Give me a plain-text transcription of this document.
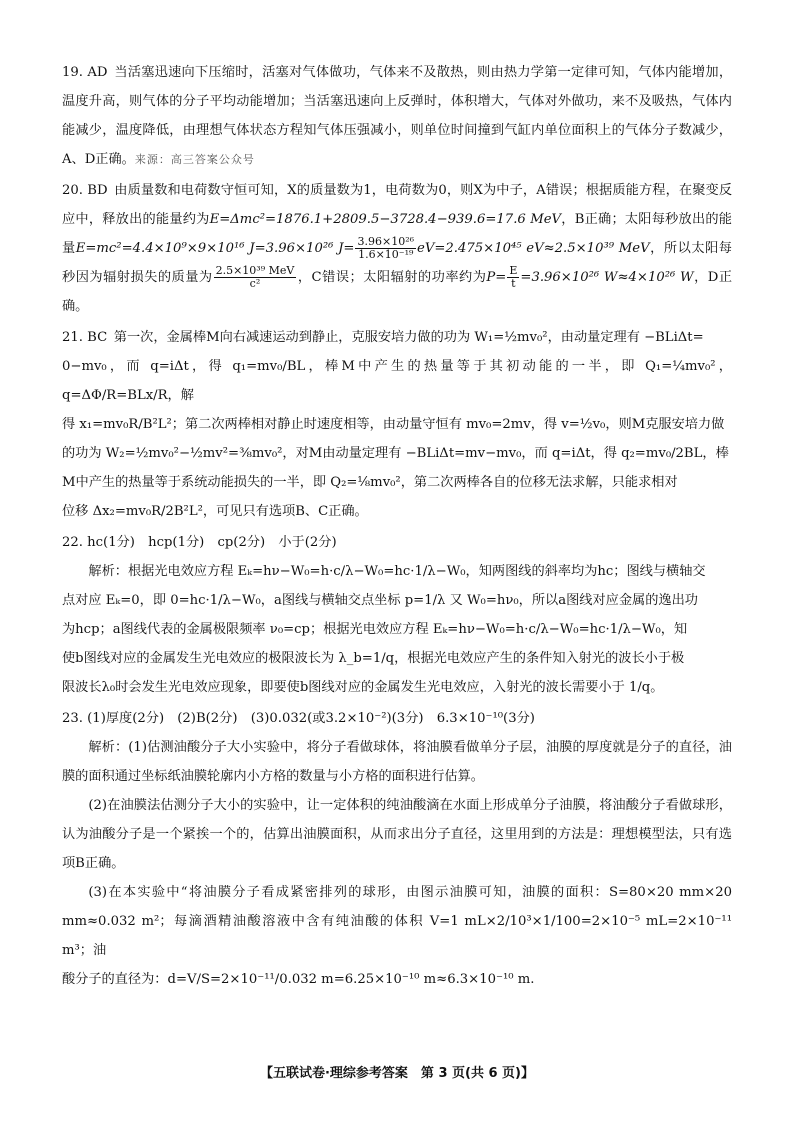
19. AD  当活塞迅速向下压缩时，活塞对气体做功，气体来不及散热，则由热力学第一定律可知，气体内能增加，温度升高，则气体的分子平均动能增加；当活塞迅速向上反弹时，体积增大，气体对外做功，来不及吸热，气体内能减少，温度降低，由理想气体状态方程知气体压强减小，则单位时间撞到气缸内单位面积上的气体分子数减少，A、D正确。来源：高三答案公众号

20. BD  由质量数和电荷数守恒可知，X的质量数为1，电荷数为0，则X为中子，A错误；根据质能方程，在聚变反应中，释放出的能量约为E=Δmc²=1876.1+2809.5−3728.4−939.6=17.6 MeV，B正确；太阳每秒放出的能量E=mc²=4.4×10⁹×9×10¹⁶ J=3.96×10²⁶ $J= \frac{\text{3.96×10²⁶}}{\text{1.6×10⁻¹⁹}} eV=2.475\times 10^{45}$ eV≈2.5×10³⁹ MeV，所以太阳每秒因为辐射损失的质量为 $\frac{\text{2.5×10³⁹ MeV}}{\text{c²}}$ ，C错误；太阳辐射的功率约为$P= \frac{E}{t} =3.96\times 10^{26}$ W≈4×10²⁶ W，D正确。

21. BC  第一次，金属棒M向右减速运动到静止，克服安培力做的功为 W₁=½mv₀²，由动量定理有 −BLiΔt=

0−mv₀，而 q=iΔt，得 q₁=mv₀/BL，棒M中产生的热量等于其初动能的一半，即 Q₁=¼mv₀²，q=ΔΦ/R=BLx/R，解

得 x₁=mv₀R/B²L²；第二次两棒相对静止时速度相等，由动量守恒有 mv₀=2mv，得 v=½v₀，则M克服安培力做

的功为 W₂=½mv₀²−½mv²=⅜mv₀²，对M由动量定理有 −BLiΔt=mv−mv₀，而 q=iΔt，得 q₂=mv₀/2BL，棒

M中产生的热量等于系统动能损失的一半，即 Q₂=⅛mv₀²，第二次两棒各自的位移无法求解，只能求相对

位移 Δx₂=mv₀R/2B²L²，可见只有选项B、C正确。

22. hc(1分)　hcp(1分)　cp(2分)　小于(2分)

解析：根据光电效应方程 Eₖ=hν−W₀=h·c/λ−W₀=hc·1/λ−W₀，知两图线的斜率均为hc；图线与横轴交

点对应 Eₖ=0，即 0=hc·1/λ−W₀，a图线与横轴交点坐标 p=1/λ 又 W₀=hν₀，所以a图线对应金属的逸出功

为hcp；a图线代表的金属极限频率 ν₀=cp；根据光电效应方程 Eₖ=hν−W₀=h·c/λ−W₀=hc·1/λ−W₀，知

使b图线对应的金属发生光电效应的极限波长为 λ_b=1/q，根据光电效应产生的条件知入射光的波长小于极

限波长λ₀时会发生光电效应现象，即要使b图线对应的金属发生光电效应，入射光的波长需要小于 1/q。

23. (1)厚度(2分)　(2)B(2分)　(3)0.032(或3.2×10⁻²)(3分)　6.3×10⁻¹⁰(3分)

解析：(1)估测油酸分子大小实验中，将分子看做球体，将油膜看做单分子层，油膜的厚度就是分子的直径，油膜的面积通过坐标纸油膜轮廓内小方格的数量与小方格的面积进行估算。

(2)在油膜法估测分子大小的实验中，让一定体积的纯油酸滴在水面上形成单分子油膜，将油酸分子看做球形，认为油酸分子是一个紧挨一个的，估算出油膜面积，从而求出分子直径，这里用到的方法是：理想模型法，只有选项B正确。

(3)在本实验中“将油膜分子看成紧密排列的球形，由图示油膜可知，油膜的面积：S=80×20 mm×20 mm≈0.032 m²；每滴酒精油酸溶液中含有纯油酸的体积 V=1 mL×2/10³×1/100=2×10⁻⁵ mL=2×10⁻¹¹ m³；油

酸分子的直径为：d=V/S=2×10⁻¹¹/0.032 m=6.25×10⁻¹⁰ m≈6.3×10⁻¹⁰ m.

【五联试卷·理综参考答案　第 3 页(共 6 页)】
